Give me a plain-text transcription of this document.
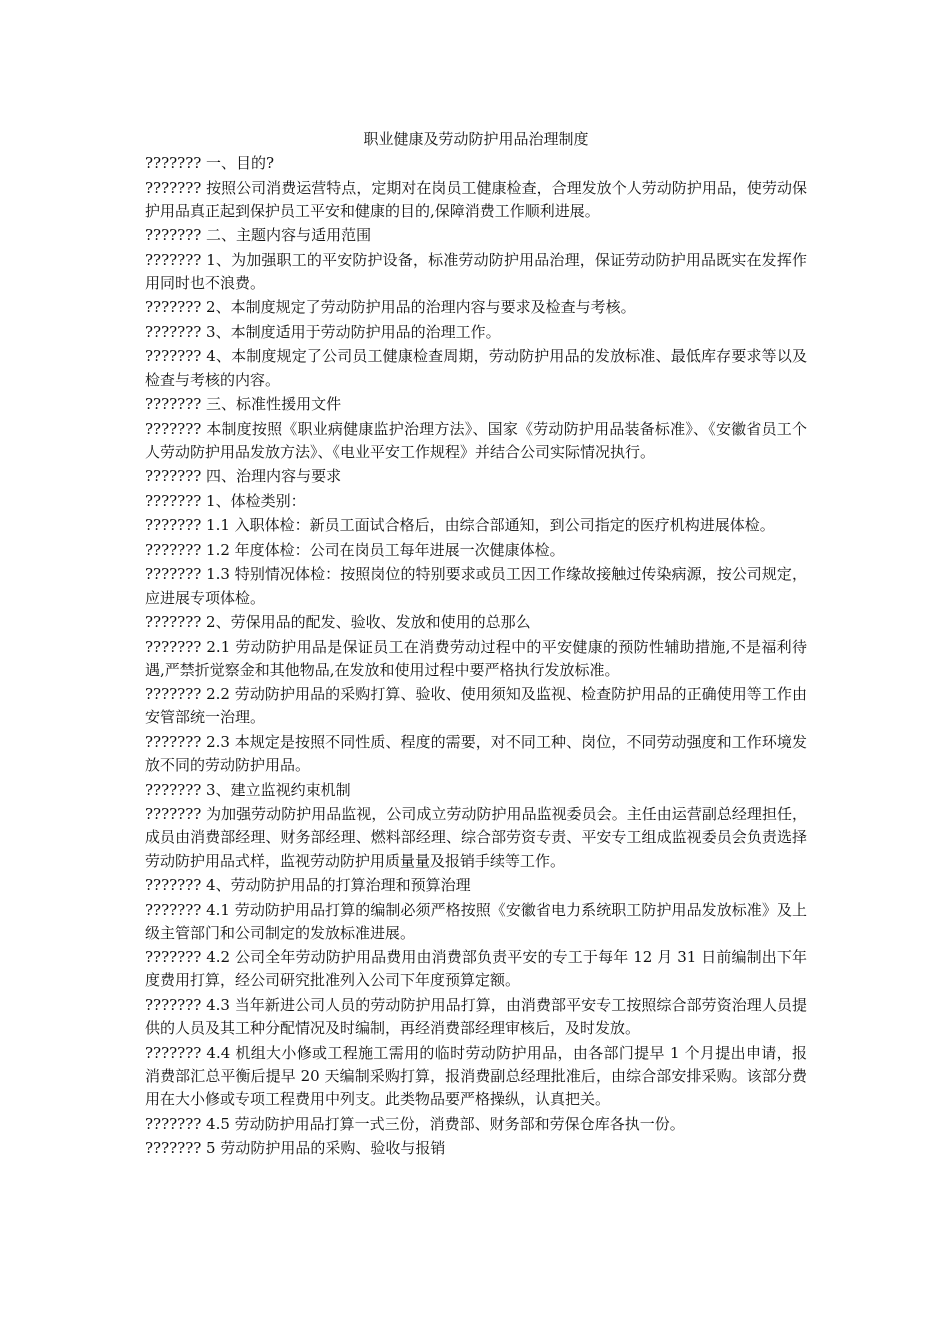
职业健康及劳动防护用品治理制度
??????? 一、目的?
??????? 按照公司消费运营特点，定期对在岗员工健康检查，合理发放个人劳动防护用品，使劳动保护用品真正起到保护员工平安和健康的目的,保障消费工作顺利进展。
??????? 二、主题内容与适用范围
??????? 1、为加强职工的平安防护设备，标准劳动防护用品治理，保证劳动防护用品既实在发挥作用同时也不浪费。
??????? 2、本制度规定了劳动防护用品的治理内容与要求及检查与考核。
??????? 3、本制度适用于劳动防护用品的治理工作。
??????? 4、本制度规定了公司员工健康检查周期，劳动防护用品的发放标准、最低库存要求等以及检查与考核的内容。
??????? 三、标准性援用文件
??????? 本制度按照《职业病健康监护治理方法》、国家《劳动防护用品装备标准》、《安徽省员工个人劳动防护用品发放方法》、《电业平安工作规程》并结合公司实际情况执行。
??????? 四、治理内容与要求
??????? 1、体检类别：
??????? 1.1 入职体检：新员工面试合格后，由综合部通知，到公司指定的医疗机构进展体检。
??????? 1.2 年度体检：公司在岗员工每年进展一次健康体检。
??????? 1.3 特别情况体检：按照岗位的特别要求或员工因工作缘故接触过传染病源，按公司规定，应进展专项体检。
??????? 2、劳保用品的配发、验收、发放和使用的总那么
??????? 2.1 劳动防护用品是保证员工在消费劳动过程中的平安健康的预防性辅助措施,不是福利待遇,严禁折觉察金和其他物品,在发放和使用过程中要严格执行发放标准。
??????? 2.2 劳动防护用品的采购打算、验收、使用须知及监视、检查防护用品的正确使用等工作由安管部统一治理。
??????? 2.3 本规定是按照不同性质、程度的需要，对不同工种、岗位，不同劳动强度和工作环境发放不同的劳动防护用品。
??????? 3、建立监视约束机制
??????? 为加强劳动防护用品监视，公司成立劳动防护用品监视委员会。主任由运营副总经理担任，成员由消费部经理、财务部经理、燃料部经理、综合部劳资专责、平安专工组成监视委员会负责选择劳动防护用品式样，监视劳动防护用质量量及报销手续等工作。
??????? 4、劳动防护用品的打算治理和预算治理
??????? 4.1 劳动防护用品打算的编制必须严格按照《安徽省电力系统职工防护用品发放标准》及上级主管部门和公司制定的发放标准进展。
??????? 4.2 公司全年劳动防护用品费用由消费部负责平安的专工于每年 12 月 31 日前编制出下年度费用打算，经公司研究批准列入公司下年度预算定额。
??????? 4.3 当年新进公司人员的劳动防护用品打算，由消费部平安专工按照综合部劳资治理人员提供的人员及其工种分配情况及时编制，再经消费部经理审核后，及时发放。
??????? 4.4 机组大小修或工程施工需用的临时劳动防护用品，由各部门提早 1 个月提出申请，报消费部汇总平衡后提早 20 天编制采购打算，报消费副总经理批准后，由综合部安排采购。该部分费用在大小修或专项工程费用中列支。此类物品要严格操纵，认真把关。
??????? 4.5 劳动防护用品打算一式三份，消费部、财务部和劳保仓库各执一份。
??????? 5 劳动防护用品的采购、验收与报销
